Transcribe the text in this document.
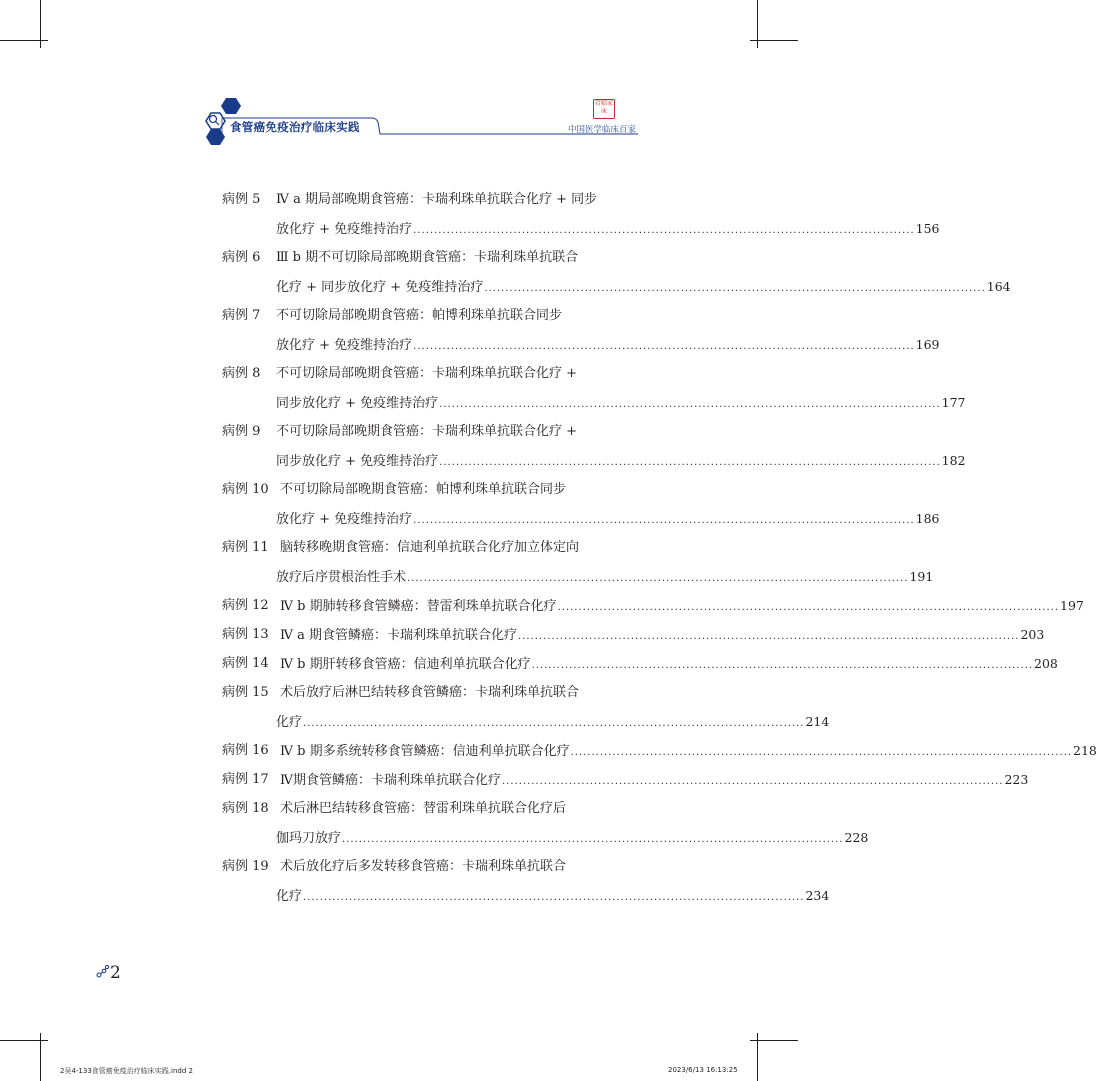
食管癌免疫治疗临床实践
百临家床
中国医学临床百家
病例 5 Ⅳ a 期局部晚期食管癌：卡瑞利珠单抗联合化疗 + 同步
放化疗 + 免疫维持治疗 ........................................................................................................................ 156
病例 6 Ⅲ b 期不可切除局部晚期食管癌：卡瑞利珠单抗联合
化疗 + 同步放化疗 + 免疫维持治疗 ........................................................................................................................ 164
病例 7 不可切除局部晚期食管癌：帕博利珠单抗联合同步
放化疗 + 免疫维持治疗 ........................................................................................................................ 169
病例 8 不可切除局部晚期食管癌：卡瑞利珠单抗联合化疗 +
同步放化疗 + 免疫维持治疗 ........................................................................................................................ 177
病例 9 不可切除局部晚期食管癌：卡瑞利珠单抗联合化疗 +
同步放化疗 + 免疫维持治疗 ........................................................................................................................ 182
病例 10 不可切除局部晚期食管癌：帕博利珠单抗联合同步
放化疗 + 免疫维持治疗 ........................................................................................................................ 186
病例 11 脑转移晚期食管癌：信迪利单抗联合化疗加立体定向
放疗后序贯根治性手术 ........................................................................................................................ 191
病例 12 Ⅳ b 期肺转移食管鳞癌：替雷利珠单抗联合化疗 ........................................................................................................................ 197
病例 13 Ⅳ a 期食管鳞癌：卡瑞利珠单抗联合化疗 ........................................................................................................................ 203
病例 14 Ⅳ b 期肝转移食管癌：信迪利单抗联合化疗 ........................................................................................................................ 208
病例 15 术后放疗后淋巴结转移食管鳞癌：卡瑞利珠单抗联合
化疗 ........................................................................................................................ 214
病例 16 Ⅳ b 期多系统转移食管鳞癌：信迪利单抗联合化疗 ........................................................................................................................ 218
病例 17 Ⅳ期食管鳞癌：卡瑞利珠单抗联合化疗 ........................................................................................................................ 223
病例 18 术后淋巴结转移食管癌：替雷利珠单抗联合化疗后
伽玛刀放疗 ........................................................................................................................ 228
病例 19 术后放化疗后多发转移食管癌：卡瑞利珠单抗联合
化疗 ........................................................................................................................ 234
2
2吴4-133食管癌免疫治疗临床实践.indd 2	2023/6/13 16:13:25
